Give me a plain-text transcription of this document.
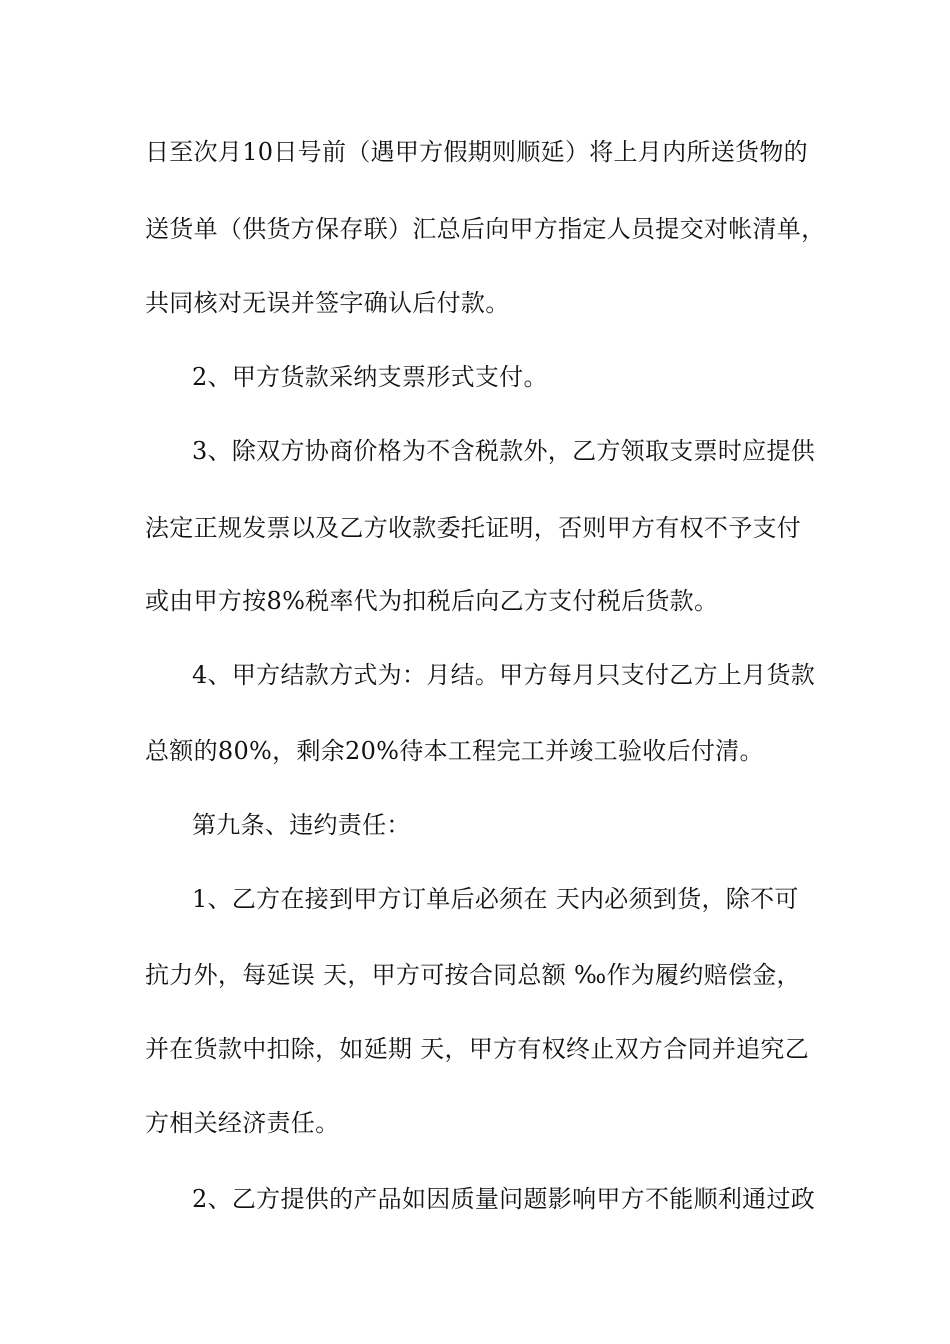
日至次月10日号前（遇甲方假期则顺延）将上月内所送货物的
送货单（供货方保存联）汇总后向甲方指定人员提交对帐清单，
共同核对无误并签字确认后付款。
2、甲方货款采纳支票形式支付。
3、除双方协商价格为不含税款外，乙方领取支票时应提供
法定正规发票以及乙方收款委托证明，否则甲方有权不予支付
或由甲方按8%税率代为扣税后向乙方支付税后货款。
4、甲方结款方式为：月结。甲方每月只支付乙方上月货款
总额的80%，剩余20%待本工程完工并竣工验收后付清。
第九条、违约责任：
1、乙方在接到甲方订单后必须在 天内必须到货，除不可
抗力外，每延误 天，甲方可按合同总额 ‰作为履约赔偿金，
并在货款中扣除，如延期 天，甲方有权终止双方合同并追究乙
方相关经济责任。
2、乙方提供的产品如因质量问题影响甲方不能顺利通过政
